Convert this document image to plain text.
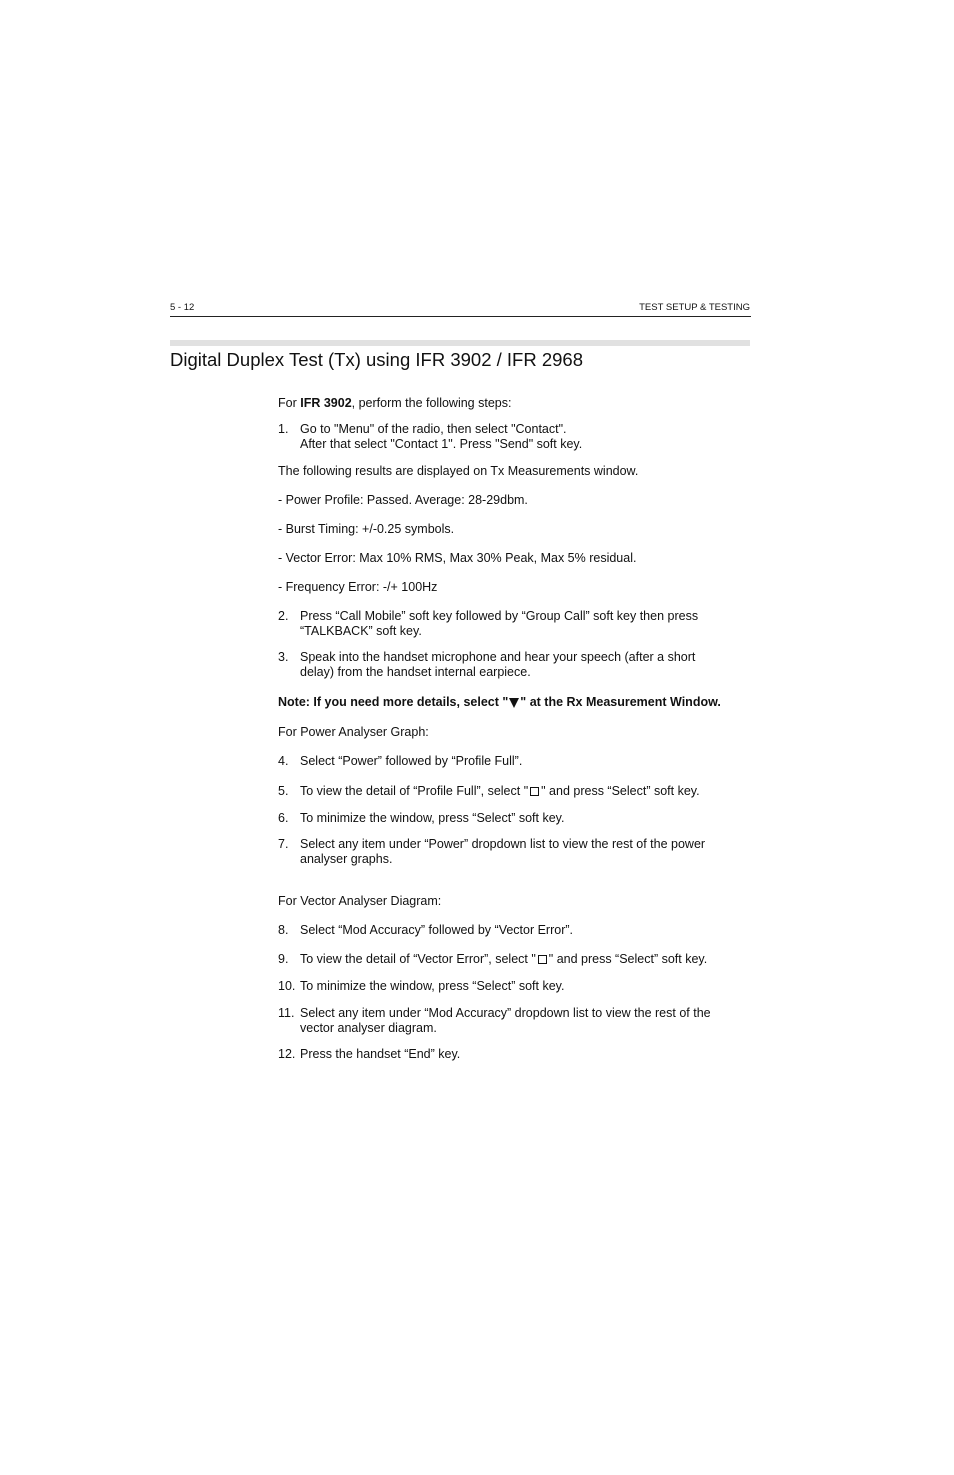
5 - 12	TEST SETUP & TESTING
Digital Duplex Test (Tx) using IFR 3902 / IFR 2968
For IFR 3902, perform the following steps:
1. Go to "Menu" of the radio, then select "Contact".
After that select "Contact 1". Press "Send" soft key.
The following results are displayed on Tx Measurements window.
- Power Profile: Passed. Average: 28-29dbm.
- Burst Timing: +/-0.25 symbols.
- Vector Error: Max 10% RMS, Max 30% Peak, Max 5% residual.
- Frequency Error: -/+ 100Hz
2. Press “Call Mobile” soft key followed by “Group Call” soft key then press
“TALKBACK” soft key.
3. Speak into the handset microphone and hear your speech (after a short
delay) from the handset internal earpiece.
Note: If you need more details, select " " at the Rx Measurement Window.
For Power Analyser Graph:
4. Select “Power” followed by “Profile Full”.
5. To view the detail of “Profile Full”, select " " and press “Select” soft key.
6. To minimize the window, press “Select” soft key.
7. Select any item under “Power” dropdown list to view the rest of the power
analyser graphs.
For Vector Analyser Diagram:
8. Select “Mod Accuracy” followed by “Vector Error”.
9. To view the detail of “Vector Error”, select " " and press “Select” soft key.
10. To minimize the window, press “Select” soft key.
11. Select any item under “Mod Accuracy” dropdown list to view the rest of the
vector analyser diagram.
12. Press the handset “End” key.
